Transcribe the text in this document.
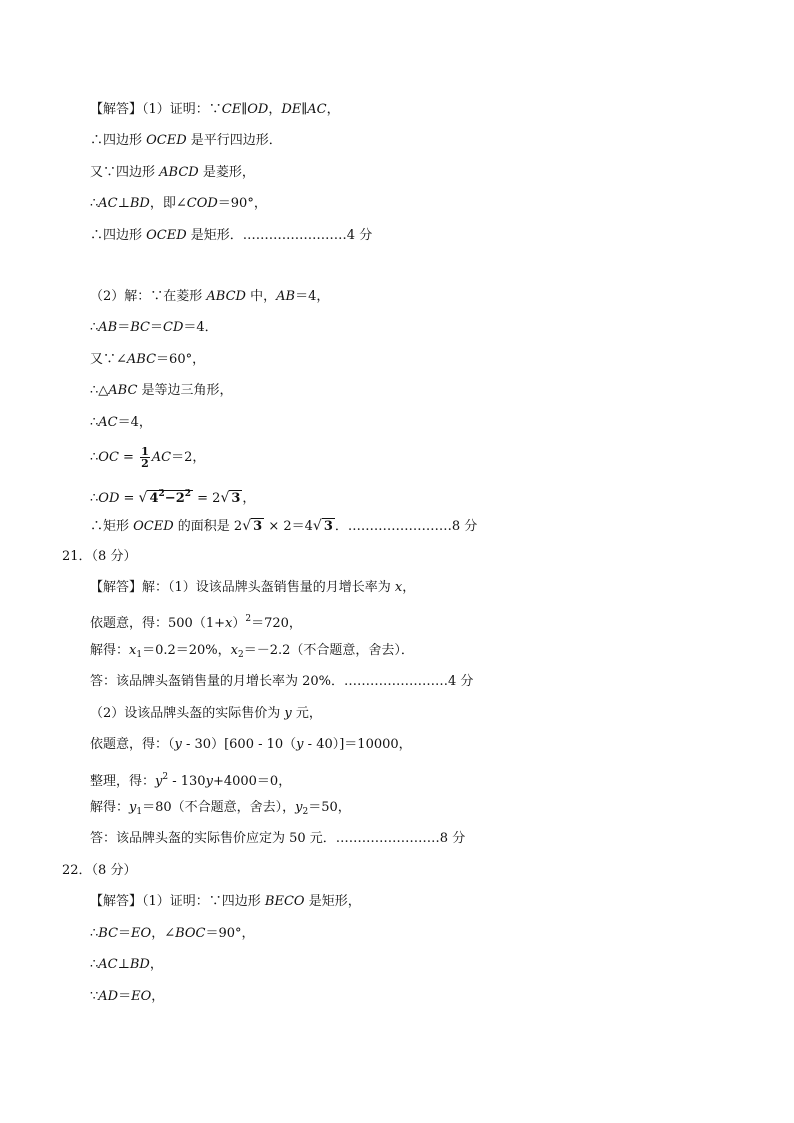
【解答】（1）证明：∵CE∥OD，DE∥AC，
∴四边形 OCED 是平行四边形．
又∵四边形 ABCD 是菱形，
∴AC⊥BD，即∠COD＝90°，
∴四边形 OCED 是矩形．……………………4 分
（2）解：∵在菱形 ABCD 中，AB＝4，
∴AB＝BC＝CD＝4．
又∵∠ABC＝60°，
∴△ABC 是等边三角形，
∴AC＝4，
∴OC = $\frac{1}{2} AC=2$，
∴OD = √ $4^2-2^2 = 2√$ 3 ，
∴矩形 OCED 的面积是 2√ 3 × 2＝4√ 3 ．……………………8 分
21．（8 分）
【解答】解：（1）设该品牌头盔销售量的月增长率为 x，
依题意，得：$500(1+x)^2=720$，
解得：$x_1=0.2=20\%$，$x_2=-2.2$（不合题意，舍去）．
答：该品牌头盔销售量的月增长率为 20%．……………………4 分
（2）设该品牌头盔的实际售价为 y 元，
依题意，得：（y - 30）[600 - 10（y - 40）]＝10000，
整理，得：$y^2 - 130y+4000=0$，
解得：$y_1=80$（不合题意，舍去），$y_2=50$，
答：该品牌头盔的实际售价应定为 50 元．……………………8 分
22．（8 分）
【解答】（1）证明：∵四边形 BECO 是矩形，
∴BC＝EO，∠BOC＝90°，
∴AC⊥BD，
∵AD＝EO，
